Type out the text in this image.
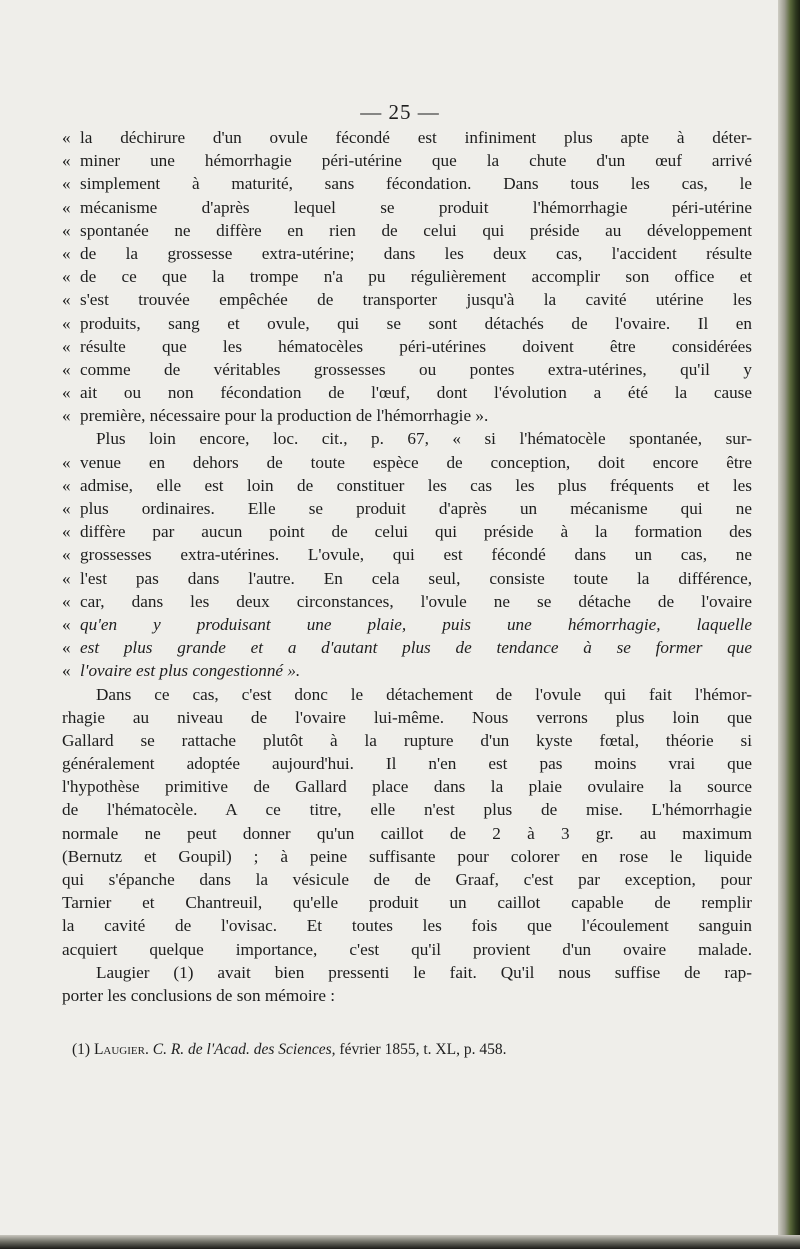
— 25 —
« la déchirure d'un ovule fécondé est infiniment plus apte à déter-
« miner une hémorrhagie péri-utérine que la chute d'un œuf arrivé
« simplement à maturité, sans fécondation. Dans tous les cas, le
« mécanisme d'après lequel se produit l'hémorrhagie péri-utérine
« spontanée ne diffère en rien de celui qui préside au développement
« de la grossesse extra-utérine; dans les deux cas, l'accident résulte
« de ce que la trompe n'a pu régulièrement accomplir son office et
« s'est trouvée empêchée de transporter jusqu'à la cavité utérine les
« produits, sang et ovule, qui se sont détachés de l'ovaire. Il en
« résulte que les hématocèles péri-utérines doivent être considérées
« comme de véritables grossesses ou pontes extra-utérines, qu'il y
« ait ou non fécondation de l'œuf, dont l'évolution a été la cause
« première, nécessaire pour la production de l'hémorrhagie ».
Plus loin encore, loc. cit., p. 67, « si l'hématocèle spontanée, sur-
« venue en dehors de toute espèce de conception, doit encore être
« admise, elle est loin de constituer les cas les plus fréquents et les
« plus ordinaires. Elle se produit d'après un mécanisme qui ne
« diffère par aucun point de celui qui préside à la formation des
« grossesses extra-utérines. L'ovule, qui est fécondé dans un cas, ne
« l'est pas dans l'autre. En cela seul, consiste toute la différence,
« car, dans les deux circonstances, l'ovule ne se détache de l'ovaire
« qu'en y produisant une plaie, puis une hémorrhagie, laquelle
« est plus grande et a d'autant plus de tendance à se former que
« l'ovaire est plus congestionné ».
Dans ce cas, c'est donc le détachement de l'ovule qui fait l'hémor-
rhagie au niveau de l'ovaire lui-même. Nous verrons plus loin que
Gallard se rattache plutôt à la rupture d'un kyste fœtal, théorie si
généralement adoptée aujourd'hui. Il n'en est pas moins vrai que
l'hypothèse primitive de Gallard place dans la plaie ovulaire la source
de l'hématocèle. A ce titre, elle n'est plus de mise. L'hémorrhagie
normale ne peut donner qu'un caillot de 2 à 3 gr. au maximum
(Bernutz et Goupil) ; à peine suffisante pour colorer en rose le liquide
qui s'épanche dans la vésicule de de Graaf, c'est par exception, pour
Tarnier et Chantreuil, qu'elle produit un caillot capable de remplir
la cavité de l'ovisac. Et toutes les fois que l'écoulement sanguin
acquiert quelque importance, c'est qu'il provient d'un ovaire malade.
Laugier (1) avait bien pressenti le fait. Qu'il nous suffise de rap-
porter les conclusions de son mémoire :
(1) Laugier. C. R. de l'Acad. des Sciences, février 1855, t. XL, p. 458.
